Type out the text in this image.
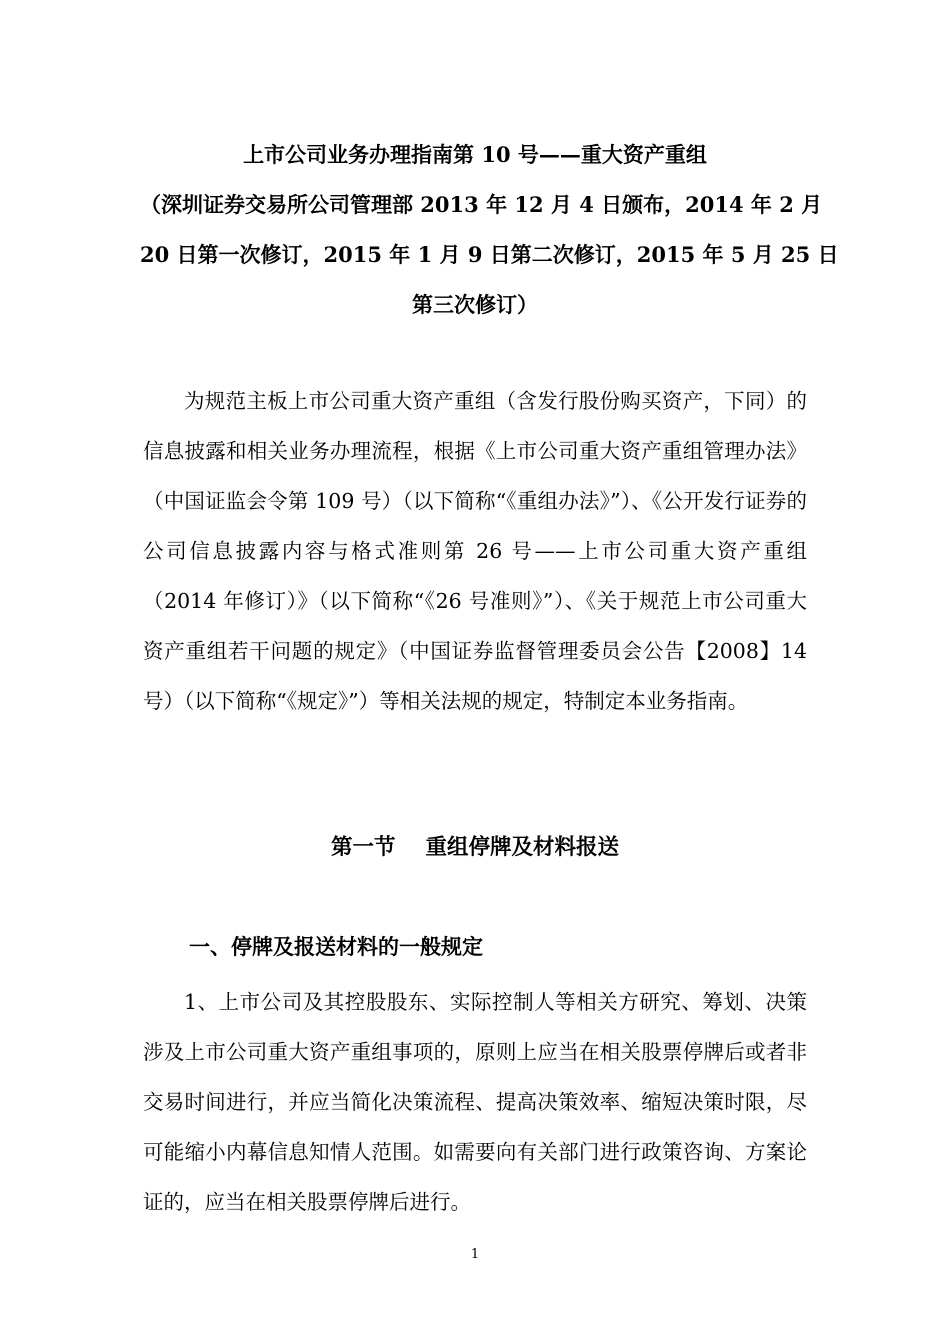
上市公司业务办理指南第 10 号——重大资产重组
（深圳证券交易所公司管理部 2013 年 12 月 4 日颁布，2014 年 2 月
20 日第一次修订，2015 年 1 月 9 日第二次修订，2015 年 5 月 25 日
第三次修订）

为规范主板上市公司重大资产重组（含发行股份购买资产，下同）的信息披露和相关业务办理流程，根据《上市公司重大资产重组管理办法》（中国证监会令第 109 号）（以下简称“《重组办法》”）、《公开发行证券的公司信息披露内容与格式准则第 26 号——上市公司重大资产重组（2014 年修订）》（以下简称“《26 号准则》”）、《关于规范上市公司重大资产重组若干问题的规定》（中国证券监督管理委员会公告【2008】14 号）（以下简称“《规定》”）等相关法规的规定，特制定本业务指南。

第一节    重组停牌及材料报送
一、停牌及报送材料的一般规定

1、上市公司及其控股股东、实际控制人等相关方研究、筹划、决策涉及上市公司重大资产重组事项的，原则上应当在相关股票停牌后或者非交易时间进行，并应当简化决策流程、提高决策效率、缩短决策时限，尽可能缩小内幕信息知情人范围。如需要向有关部门进行政策咨询、方案论证的，应当在相关股票停牌后进行。

1
